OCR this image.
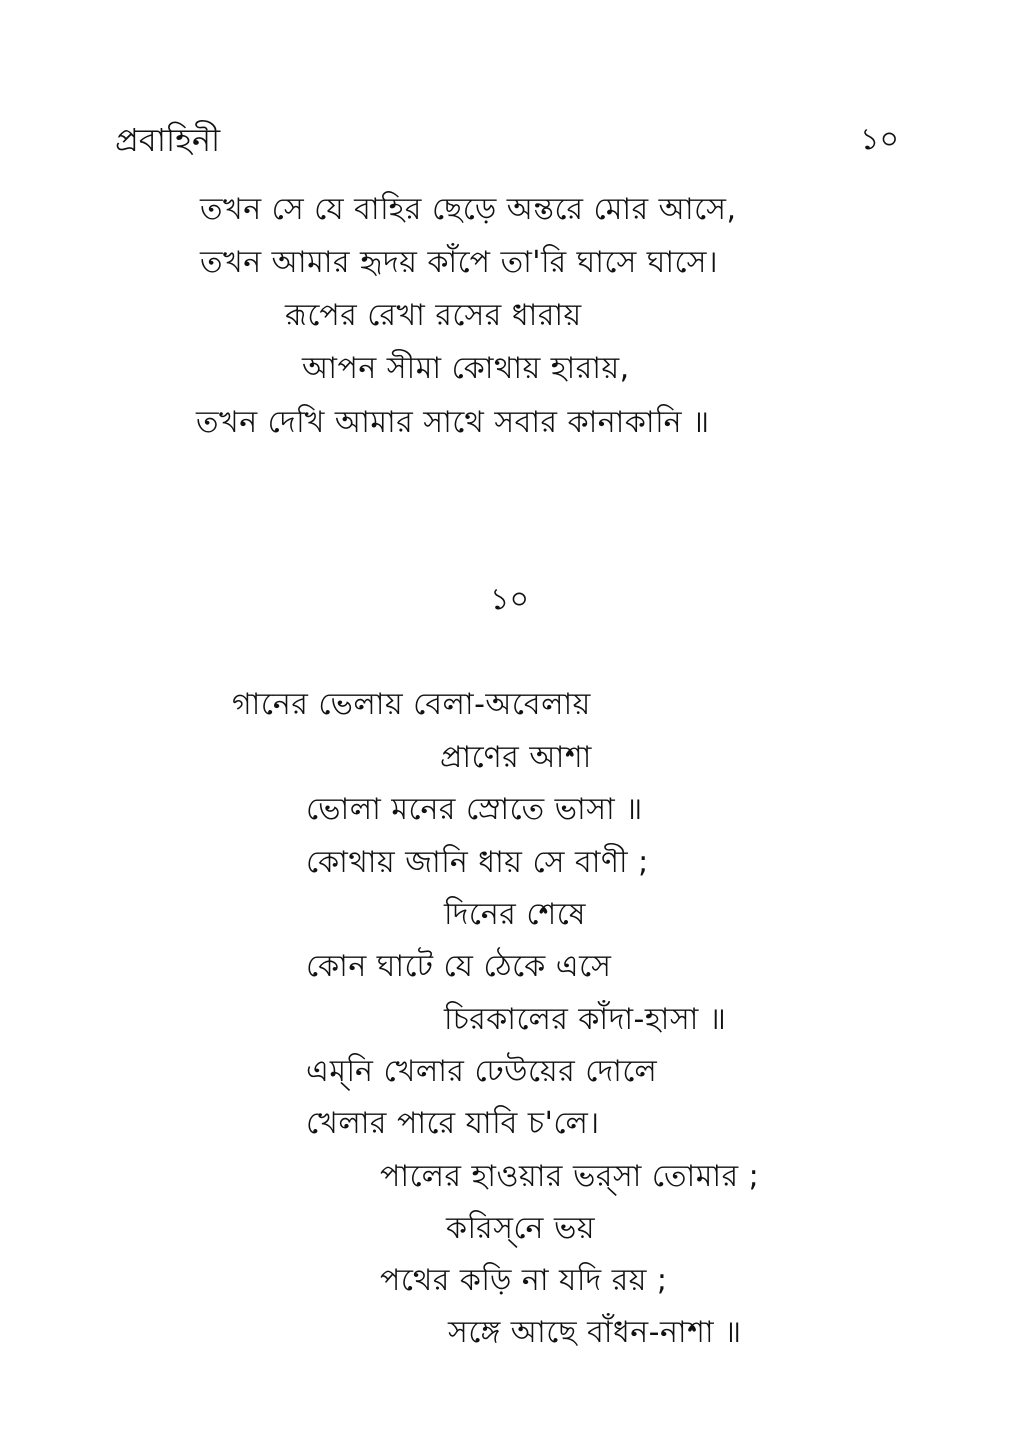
প্রবাহিনী	১০
তখন সে যে বাহির ছেড়ে অন্তরে মোর আসে,
তখন আমার হৃদয় কাঁপে তা'রি ঘাসে ঘাসে।
রূপের রেখা রসের ধারায়
আপন সীমা কোথায় হারায়,
তখন দেখি আমার সাথে সবার কানাকানি ॥
১০
গানের ভেলায় বেলা-অবেলায়
প্রাণের আশা
ভোলা মনের স্রোতে ভাসা ॥
কোথায় জানি ধায় সে বাণী ;
দিনের শেষে
কোন ঘাটে যে ঠেকে এসে
চিরকালের কাঁদা-হাসা ॥
এম্‌নি খেলার ঢেউয়ের দোলে
খেলার পারে যাবি চ'লে।
পালের হাওয়ার ভর্‌সা তোমার ;
করিস্‌নে ভয়
পথের কড়ি না যদি রয় ;
সঙ্গে আছে বাঁধন-নাশা ॥
